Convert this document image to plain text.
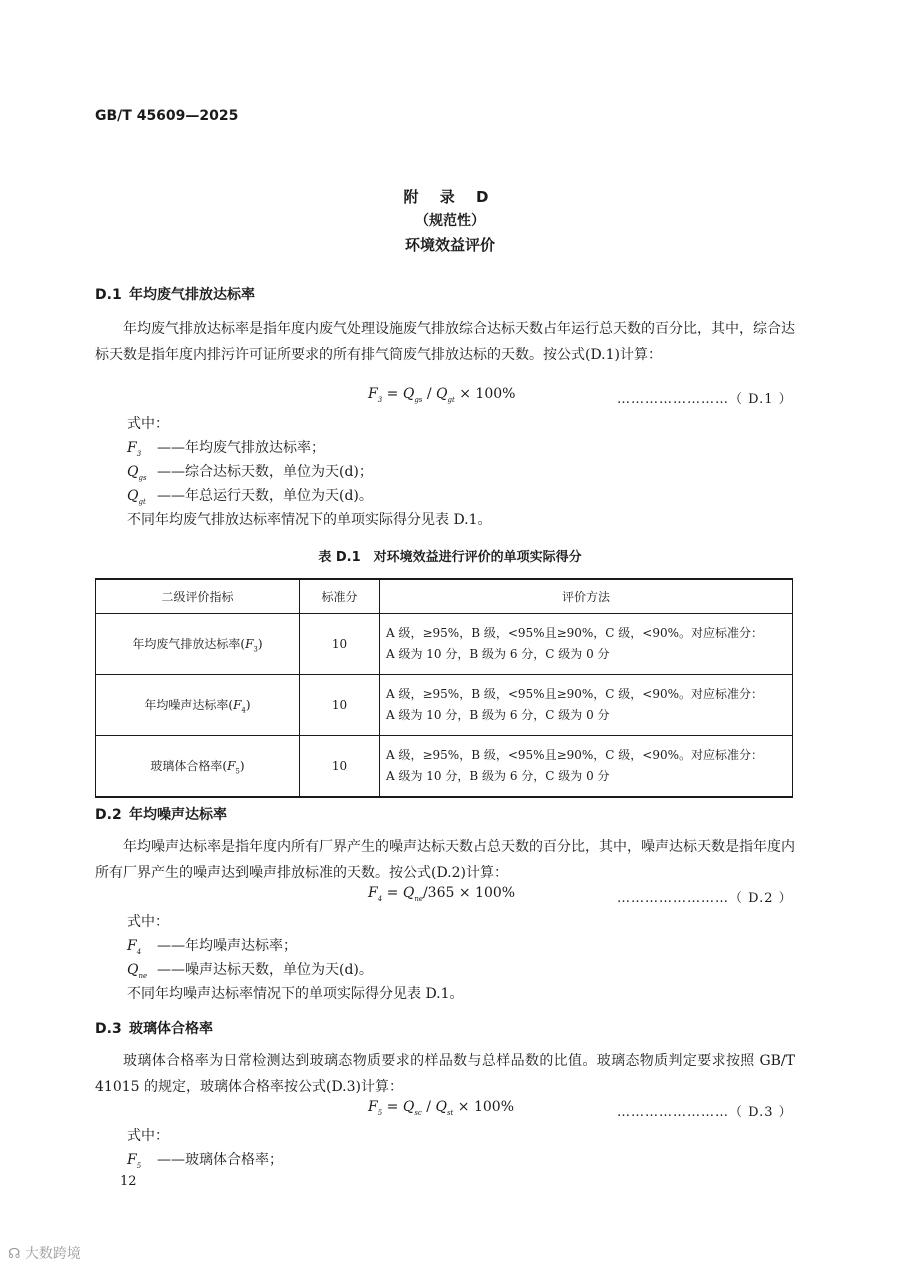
GB/T 45609—2025
附 录 D
（规范性）
环境效益评价
D.1 年均废气排放达标率
年均废气排放达标率是指年度内废气处理设施废气排放综合达标天数占年运行总天数的百分比，其中，综合达标天数是指年度内排污许可证所要求的所有排气筒废气排放达标的天数。按公式(D.1)计算：
$F_3 = Q_{gs} / Q_{gt} \times 100\%$	……………………（ D.1 ）
式中：
$F_3$ ——年均废气排放达标率；
$Q_{gs}$ ——综合达标天数，单位为天(d)；
$Q_{gt}$ ——年总运行天数，单位为天(d)。
不同年均废气排放达标率情况下的单项实际得分见表 D.1。
表 D.1　对环境效益进行评价的单项实际得分
二级评价指标	标准分	评价方法
年均废气排放达标率$(F_3)$	10	A 级，≥95%，B 级，<95%且≥90%，C 级，<90%。对应标准分：
A 级为 10 分，B 级为 6 分，C 级为 0 分

年均噪声达标率$(F_4)$	10	A 级，≥95%，B 级，<95%且≥90%，C 级，<90%。对应标准分：
A 级为 10 分，B 级为 6 分，C 级为 0 分

玻璃体合格率$(F_5)$	10	A 级，≥95%，B 级，<95%且≥90%，C 级，<90%。对应标准分：
A 级为 10 分，B 级为 6 分，C 级为 0 分
D.2 年均噪声达标率
年均噪声达标率是指年度内所有厂界产生的噪声达标天数占总天数的百分比，其中，噪声达标天数是指年度内所有厂界产生的噪声达到噪声排放标准的天数。按公式(D.2)计算：
$F_4 = Q_{ne}/365 \times 100\%$	……………………（ D.2 ）
式中：
$F_4$ ——年均噪声达标率；
$Q_{ne}$ ——噪声达标天数，单位为天(d)。
不同年均噪声达标率情况下的单项实际得分见表 D.1。
D.3 玻璃体合格率
玻璃体合格率为日常检测达到玻璃态物质要求的样品数与总样品数的比值。玻璃态物质判定要求按照 GB/T 41015 的规定，玻璃体合格率按公式(D.3)计算：
$F_5 = Q_{sc} / Q_{st} \times 100\%$	……………………（ D.3 ）
式中：
$F_5$ ——玻璃体合格率；
12
☊ 大数跨境
